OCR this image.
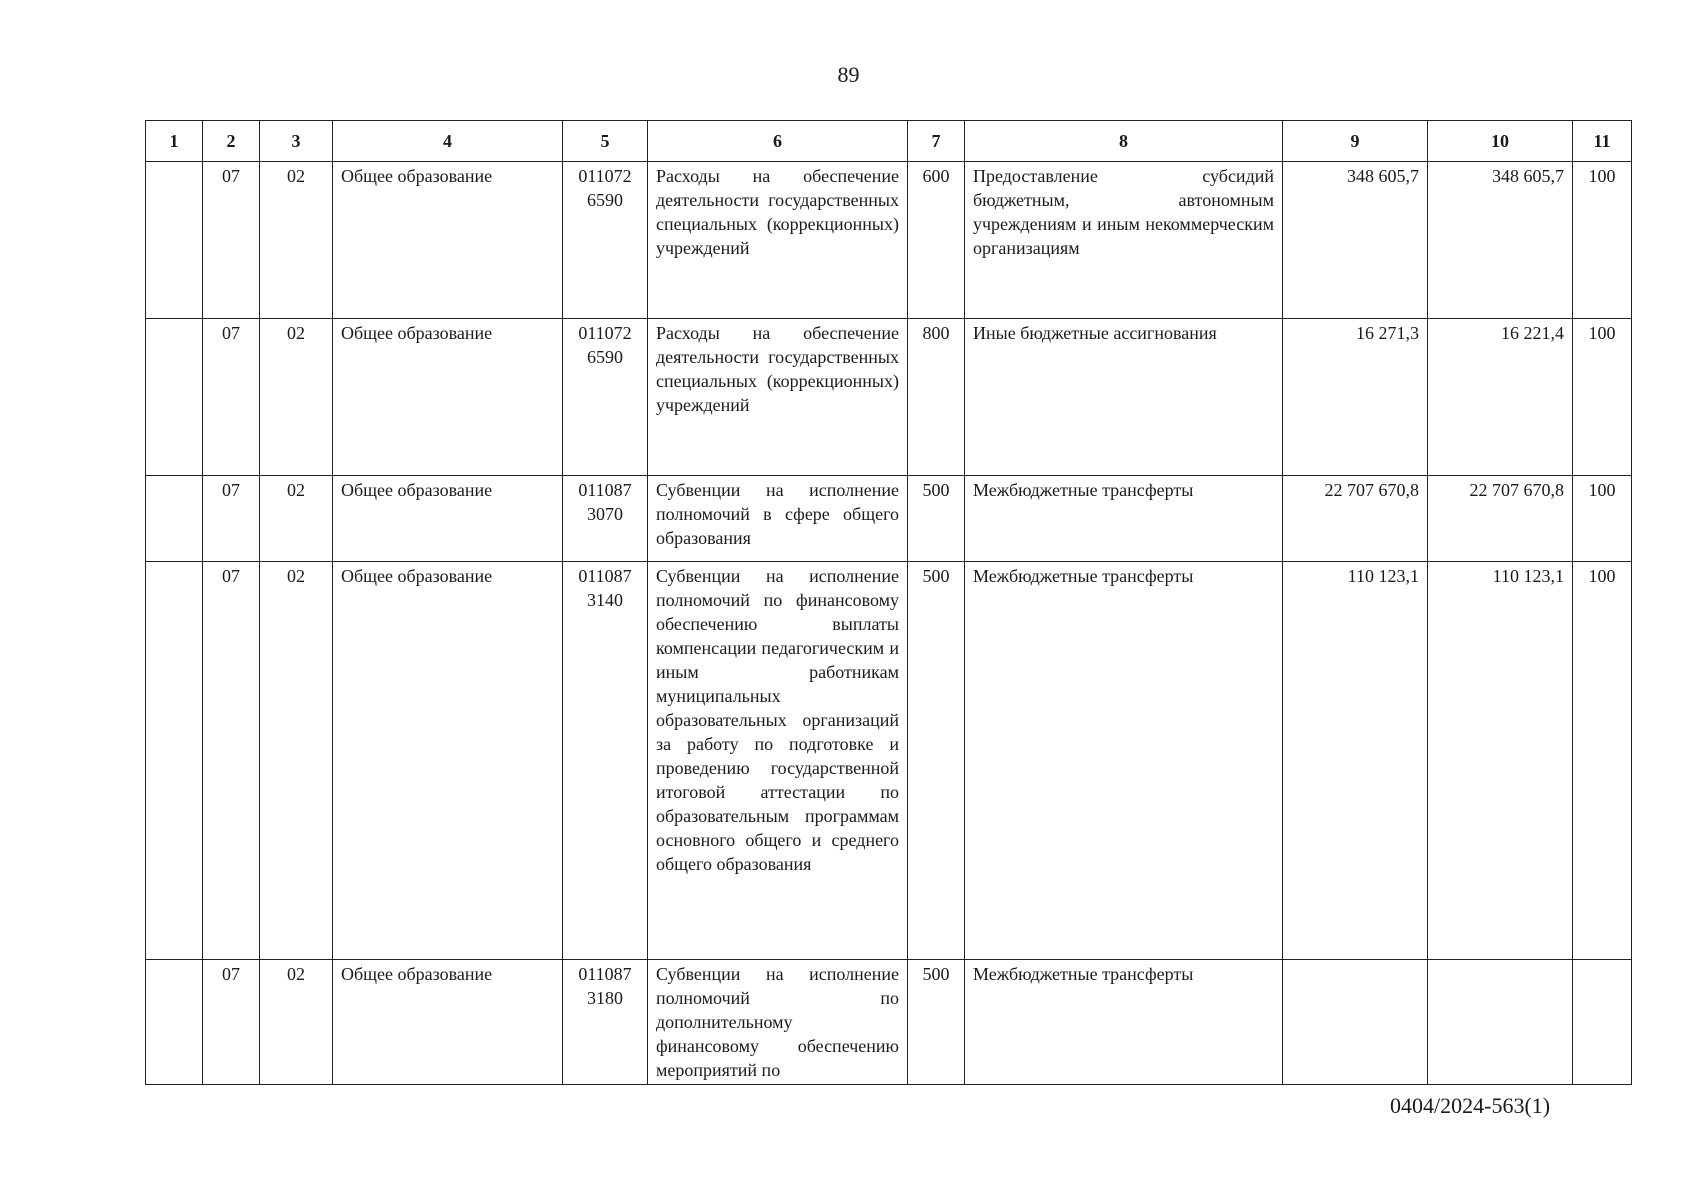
89
1	2	3	4	5	6	7	8	9	10	11
	07	02	Общее образование	011072 6590	Расходы на обеспечение деятельности государственных специальных (коррекционных) учреждений	600	Предоставление субсидий бюджетным, автономным учреждениям и иным некоммерческим организациям	348 605,7	348 605,7	100
	07	02	Общее образование	011072 6590	Расходы на обеспечение деятельности государственных специальных (коррекционных) учреждений	800	Иные бюджетные ассигнования	16 271,3	16 221,4	100
	07	02	Общее образование	011087 3070	Субвенции на исполнение полномочий в сфере общего образования	500	Межбюджетные трансферты	22 707 670,8	22 707 670,8	100
	07	02	Общее образование	011087 3140	Субвенции на исполнение полномочий по финансовому обеспечению выплаты компенсации педагогическим и иным работникам муниципальных образовательных организаций за работу по подготовке и проведению государственной итоговой аттестации по образовательным программам основного общего и среднего общего образования	500	Межбюджетные трансферты	110 123,1	110 123,1	100
	07	02	Общее образование	011087 3180	Субвенции на исполнение полномочий по дополнительному финансовому обеспечению мероприятий по	500	Межбюджетные трансферты			
0404/2024-563(1)
